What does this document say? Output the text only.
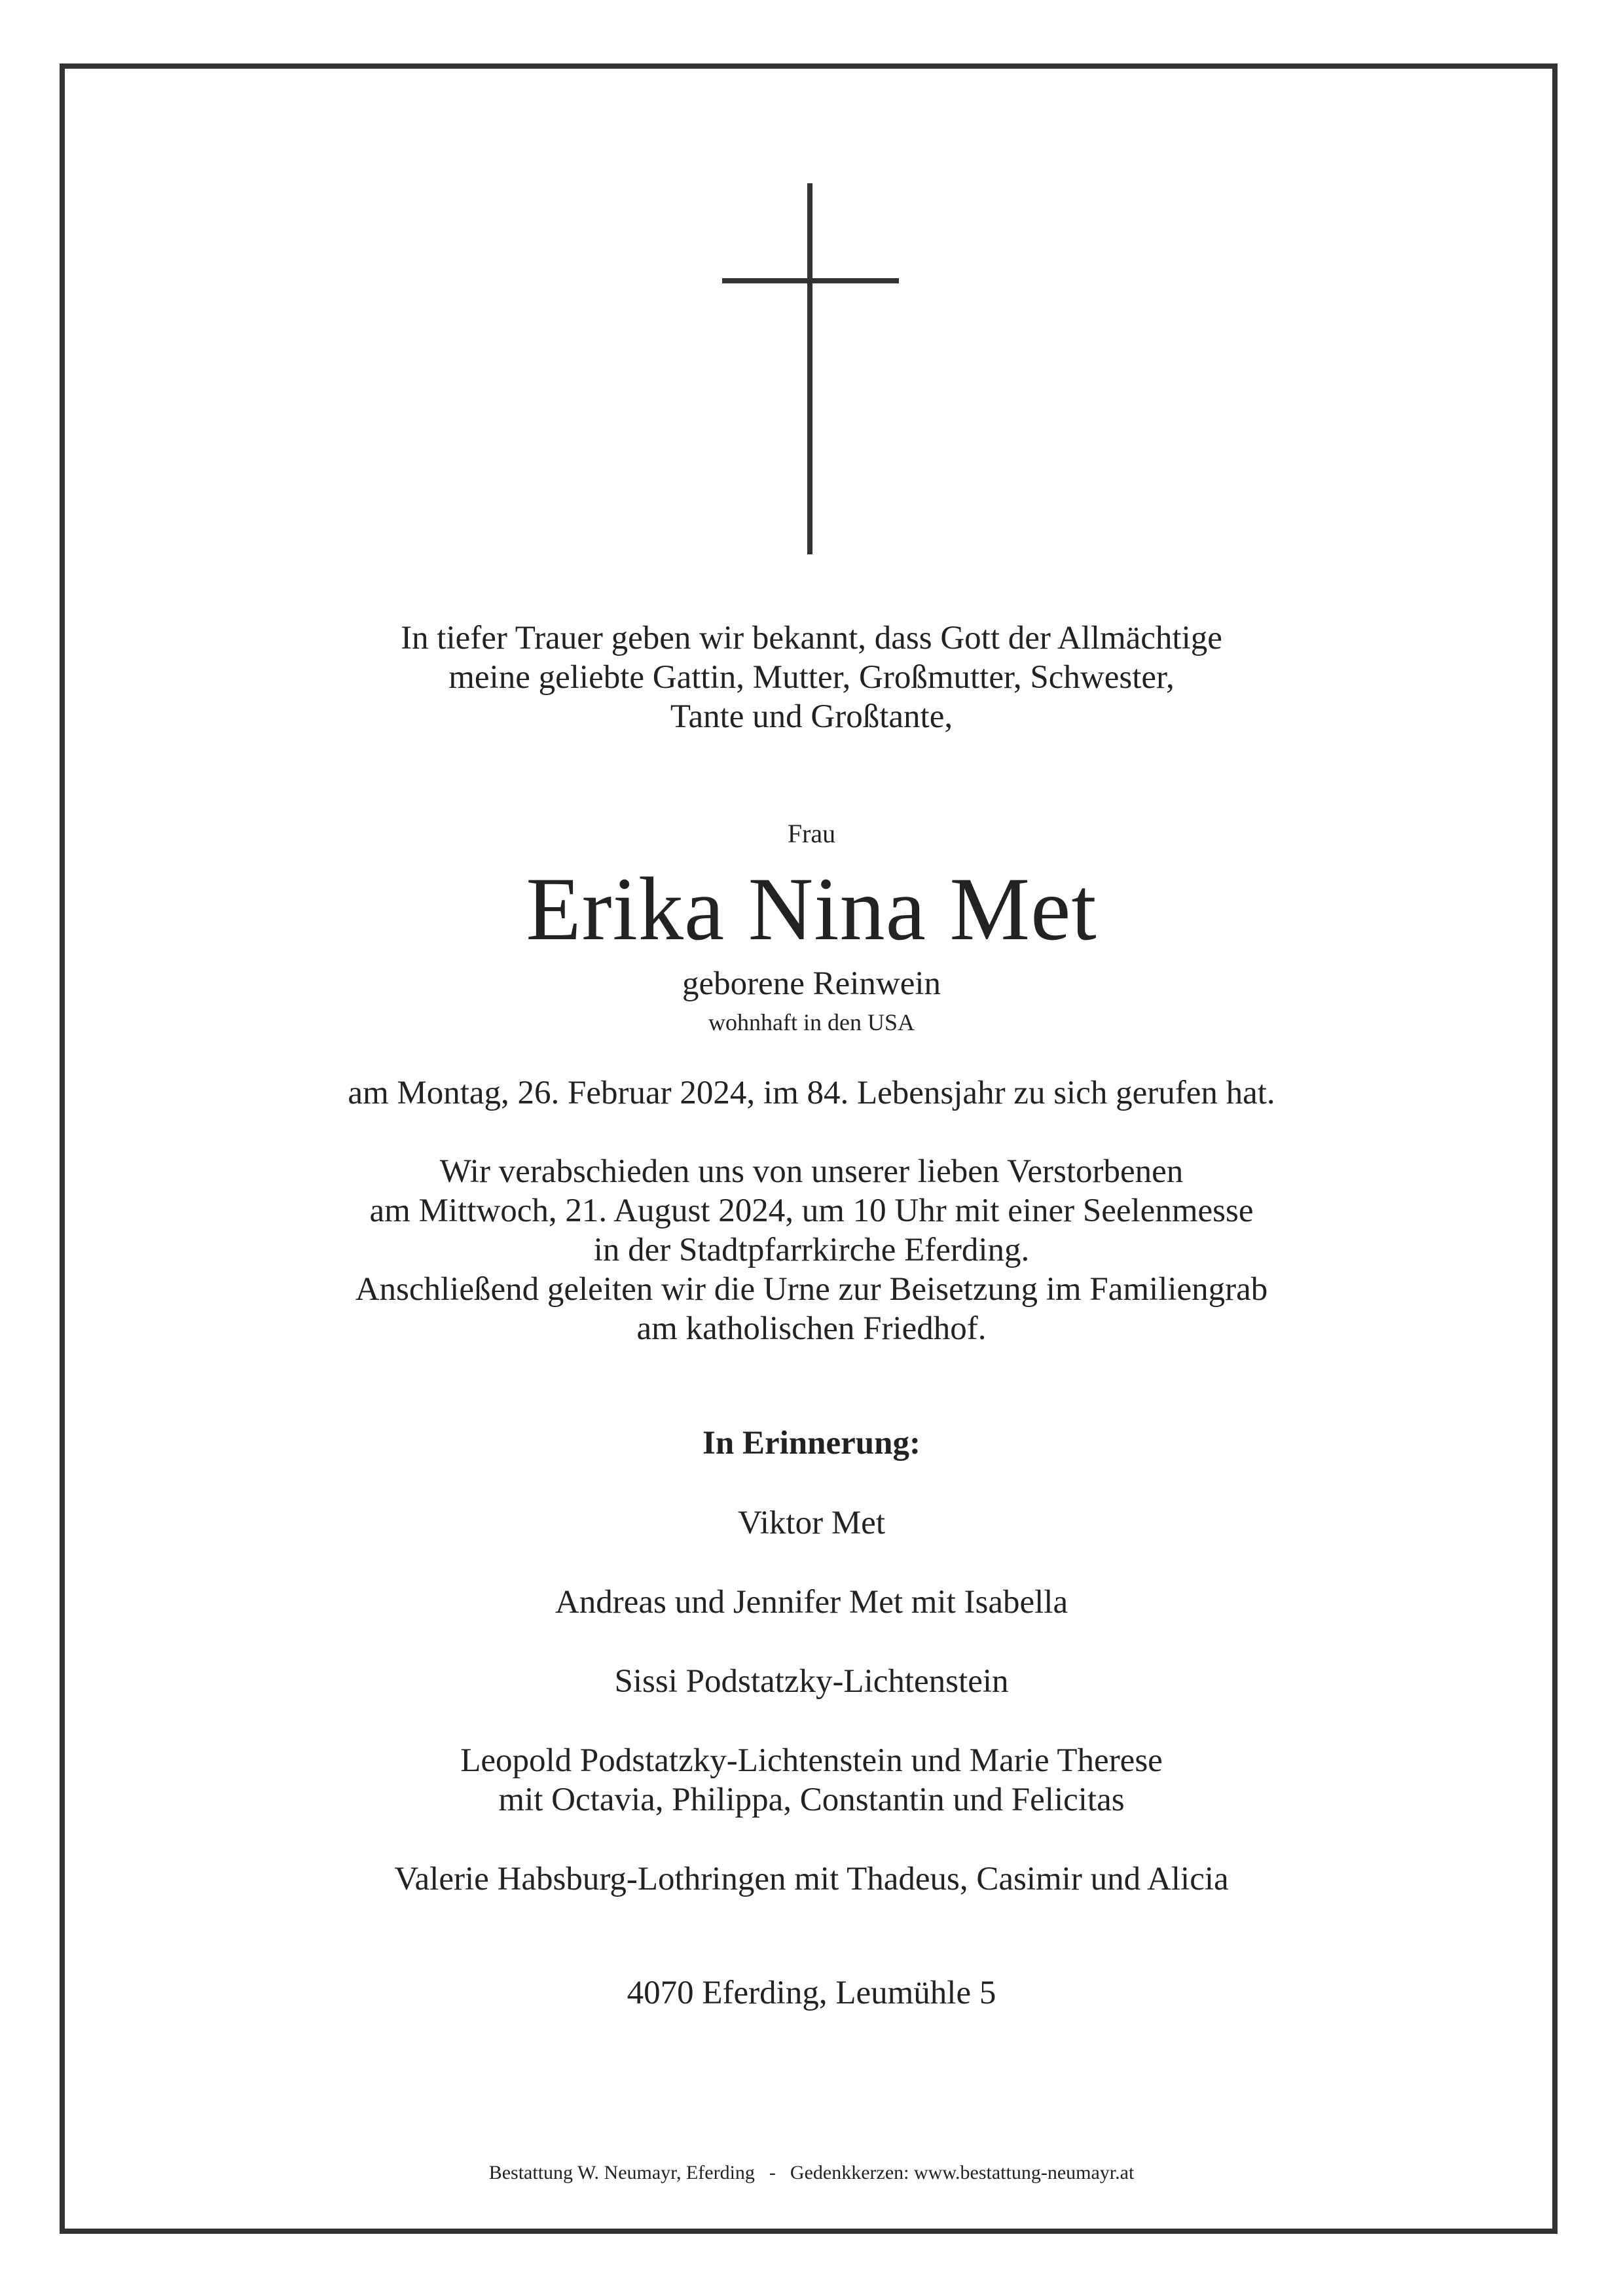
In tiefer Trauer geben wir bekannt, dass Gott der Allmächtige
meine geliebte Gattin, Mutter, Großmutter, Schwester,
Tante und Großtante,
Frau
Erika Nina Met
geborene Reinwein
wohnhaft in den USA
am Montag, 26. Februar 2024, im 84. Lebensjahr zu sich gerufen hat.
Wir verabschieden uns von unserer lieben Verstorbenen
am Mittwoch, 21. August 2024, um 10 Uhr mit einer Seelenmesse
in der Stadtpfarrkirche Eferding.
Anschließend geleiten wir die Urne zur Beisetzung im Familiengrab
am katholischen Friedhof.
In Erinnerung:
Viktor Met
Andreas und Jennifer Met mit Isabella
Sissi Podstatzky-Lichtenstein
Leopold Podstatzky-Lichtenstein und Marie Therese
mit Octavia, Philippa, Constantin und Felicitas
Valerie Habsburg-Lothringen mit Thadeus, Casimir und Alicia
4070 Eferding, Leumühle 5
Bestattung W. Neumayr, Eferding - Gedenkkerzen: www.bestattung-neumayr.at
